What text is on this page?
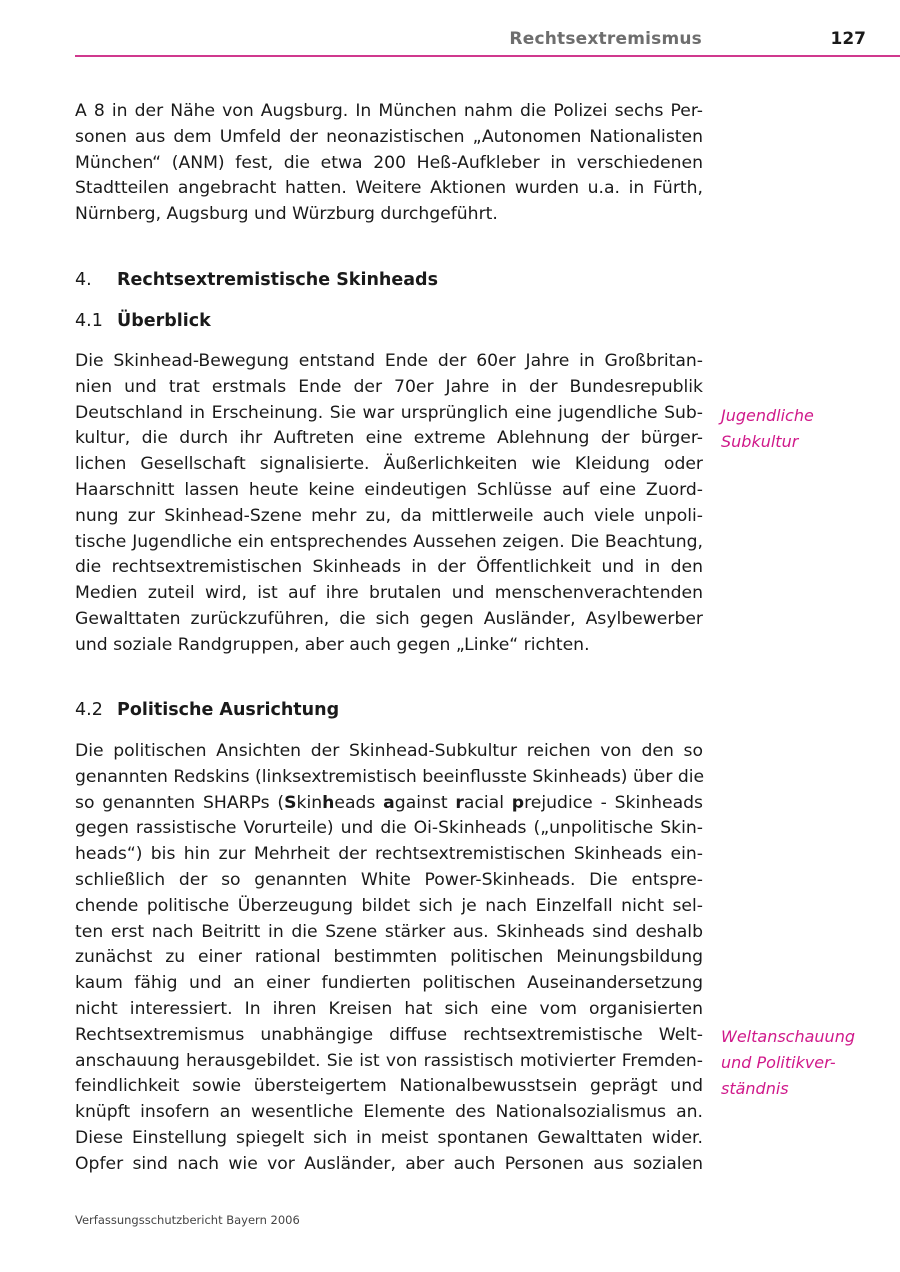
Rechtsextremismus	127

A 8 in der Nähe von Augsburg. In München nahm die Polizei sechs Per-
sonen aus dem Umfeld der neonazistischen „Autonomen Nationalisten
München“ (ANM) fest, die etwa 200 Heß-Aufkleber in verschiedenen
Stadtteilen angebracht hatten. Weitere Aktionen wurden u.a. in Fürth,
Nürnberg, Augsburg und Würzburg durchgeführt.

4. Rechtsextremistische Skinheads
4.1 Überblick

Die Skinhead-Bewegung entstand Ende der 60er Jahre in Großbritan-
nien und trat erstmals Ende der 70er Jahre in der Bundesrepublik
Deutschland in Erscheinung. Sie war ursprünglich eine jugendliche Sub-
kultur, die durch ihr Auftreten eine extreme Ablehnung der bürger-
lichen Gesellschaft signalisierte. Äußerlichkeiten wie Kleidung oder
Haarschnitt lassen heute keine eindeutigen Schlüsse auf eine Zuord-
nung zur Skinhead-Szene mehr zu, da mittlerweile auch viele unpoli-
tische Jugendliche ein entsprechendes Aussehen zeigen. Die Beachtung,
die rechtsextremistischen Skinheads in der Öffentlichkeit und in den
Medien zuteil wird, ist auf ihre brutalen und menschenverachtenden
Gewalttaten zurückzuführen, die sich gegen Ausländer, Asylbewerber
und soziale Randgruppen, aber auch gegen „Linke“ richten.

Jugendliche
Subkultur
4.2 Politische Ausrichtung

Die politischen Ansichten der Skinhead-Subkultur reichen von den so
genannten Redskins (linksextremistisch beeinflusste Skinheads) über die
so genannten SHARPs (Skinheads against racial prejudice - Skinheads
gegen rassistische Vorurteile) und die Oi-Skinheads („unpolitische Skin-
heads“) bis hin zur Mehrheit der rechtsextremistischen Skinheads ein-
schließlich der so genannten White Power-Skinheads. Die entspre-
chende politische Überzeugung bildet sich je nach Einzelfall nicht sel-
ten erst nach Beitritt in die Szene stärker aus. Skinheads sind deshalb
zunächst zu einer rational bestimmten politischen Meinungsbildung
kaum fähig und an einer fundierten politischen Auseinandersetzung
nicht interessiert. In ihren Kreisen hat sich eine vom organisierten
Rechtsextremismus unabhängige diffuse rechtsextremistische Welt-
anschauung herausgebildet. Sie ist von rassistisch motivierter Fremden-
feindlichkeit sowie übersteigertem Nationalbewusstsein geprägt und
knüpft insofern an wesentliche Elemente des Nationalsozialismus an.
Diese Einstellung spiegelt sich in meist spontanen Gewalttaten wider.
Opfer sind nach wie vor Ausländer, aber auch Personen aus sozialen

Weltanschauung
und Politikver-
ständnis
Verfassungsschutzbericht Bayern 2006
